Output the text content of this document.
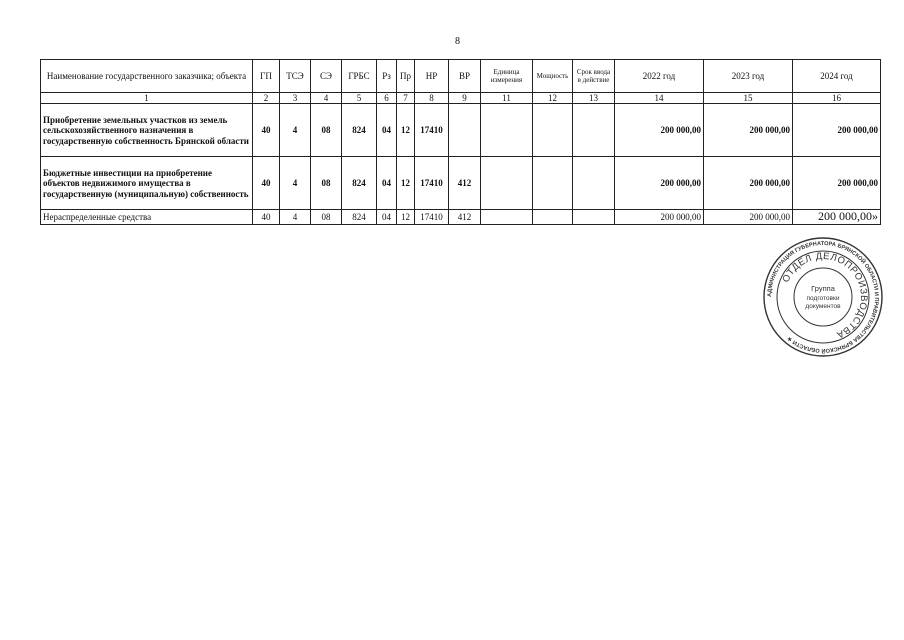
8
Наименование государственного заказчика; объекта	ГП	ТСЭ	СЭ	ГРБС	Рз	Пр	НР	ВР	Единица измерения	Мощность	Срок ввода в действие	2022 год	2023 год	2024 год
1	2	3	4	5	6	7	8	9	11	12	13	14	15	16
Приобретение земельных участков из земель сельскохозяйственного назначения в государственную собственность Брянской области	40	4	08	824	04	12	17410					200 000,00	200 000,00	200 000,00
Бюджетные инвестиции на приобретение объектов недвижимого имущества в государственную (муниципальную) собственность	40	4	08	824	04	12	17410	412				200 000,00	200 000,00	200 000,00
Нераспределенные средства	40	4	08	824	04	12	17410	412				200 000,00	200 000,00	200 000,00»
АДМИНИСТРАЦИЯ ГУБЕРНАТОРА БРЯНСКОЙ ОБЛАСТИ И ПРАВИТЕЛЬСТВА БРЯНСКОЙ ОБЛАСТИ ★
ОТДЕЛ ДЕЛОПРОИЗВОДСТВА
Группа
подготовки
документов
